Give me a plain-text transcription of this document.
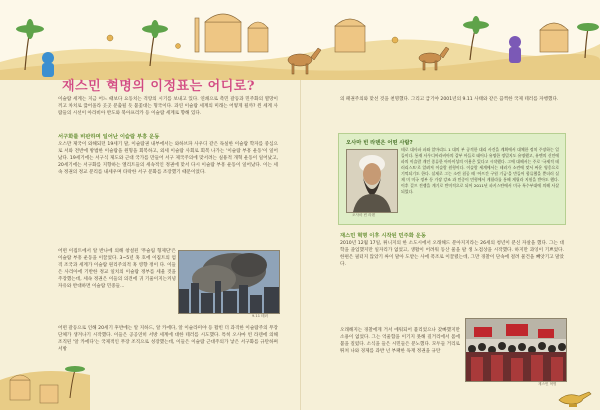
재스민 혁명의 이정표는 어디로?
이슬람 세계는 지금 어느 때보다 요동치는 격랑의 시기를 보내고 있다. 연쇄으로 촉민 갈등과 민주화의 열망이 끼고 차치로 끓어올라 곳곳 분출될 듯 불꽃대는 형국이다. 과연 이슬람 세계의 미래는 어떻게 될까? 왼 세계 사람들의 시선이 아라비아 반도와 북아프리카 등 이슬람 세계로 향해 있다.
서구화를 비판하며 일어난 이슬람 부흥 운동
오스만 제국이 와해되던 19세기 말, 이슬람권 내부에서는 와하브파 사우디 같은 독실한 이슬람 학자를 중심으로 서와 전반에 방법한 이슬람을 원형을 회복하고, 외세 이슬람 사회로 회복 나가는 '이슬람 부흥 운동'이 일어났다. 19세기에는 서구식 제도와 근대 국가를 만들어 서구 제국주의에 맞서려는 실용적 개혁 운동이 일어났고, 20세기에는 서구화를 지향하는 엘리트들의 세속적인 정권에 맞서 다시 이슬람 부흥 운동이 일어났다. 이는 세속 정권의 정교 분리를 내세우며 타락한 서구 문화를 조장했기 때문이었다.
어떤 이집트에서 알 반나에 의해 창설된 '무슬림 형제단'은 이슬람 부흥 운동을 이끌었다. 3~5년 혹 호에 이집트의 엄격 조국과 세계가 이슬람 원리주의적 혹 영향 정이 다. 이들은 사리아에 기반한 정교 일치의 이슬람 정부를 세울 것을 주장했는데, 세속 정권은 이들의 의견에 귀 기울이지는커녕 자유와 반대하면 이슬람 민중들...
9.11 테러
어떤 갈등으로 인해 20세기 후반에는 알 지하드, 알 카에다, 알 이슬라미야 등 활빈 더 과격한 이슬람주의 무장 단체가 생겨나기 시작했다. 이들은 공공연히 서방 세계에 대한 테러를 시도했다. 특히 오사마 빈 라덴에 의해 조직된 '알 카에다'는 국제적인 무장 조직으로 성장했는데, 이들은 이슬람 근대주의가 낳은 서구화를 규탄하며 서방
의 패권주의와 맞선 것을 천명했다. 그리고 급기야 2001년의 9.11 사태와 같은 끔찍한 국제 테러를 자행했다.
오사마 빈 라덴은 어떤 사람?
오사마 빈 라덴
테로 대사파 파와 알마리드 1 대의 부 공격한 대리 사건을 계획에서 대체한 정치 주장하는 일들이다. 통재 사우디아라비아의 갑부 아들로 태어나 유명한 정밀지도 유명했고, 유엔의 신인에 파의 이슬람 개인 종류한 아마이성의 이용은 있다고 시작했다. 그에 대해서는 주로 '국제적 테러리스트'로 알려져 이슬람 원형이다. 이슬람 세계에서는 테러가 소련에 맞서 싸운 영웅으로 기억되기도 한다. 실제로 그는 소련 침공 때 '아프간 구원 기금'을 만들어 합류했을 뿐더러 실제 미 미국 정부 등 가장 강조 과 민중이 민형에서 게릴라를 통해 게릴라 지원을 받아도 했다. 이후 걸프 전쟁을 계기로 반미적으로 되어 2011년 파키스탄에서 미국 특수부대에 의해 사살되었다.
재스민 혁명 이후 시작된 민주화 운동
2010년 12월 17일, 튀니지의 한 소도시에서 오래해드 분아지지라는 26세의 청년이 분신 자살을 했다. 그는 대학을 졸업했지만 일자리가 없었고, 생활이 어려워 동산 물을 팔 생 노점상을 시작했다. 하지만 과잉이 기쁘었다. 한편은 필터지 않았기 싸이 말아 도받는 사에 폭조로 이끌렸는데, 그만 경찰이 단속에 걸려 물건을 빼앗기고 말았다.
오래해지는 경찰에게 거서 에워되어 불리었으나 갔빠했지만 소용이 없었다. 그는 억울함을 이기지 못해 길거리에서 몸에 불을 질렀다. 소식을 들은 시민들은 분노했다. 모두들 거리로 뛰쳐 나와 경제를 과반 넌 부패한 독재 정권을 규탄
재스민 혁명
